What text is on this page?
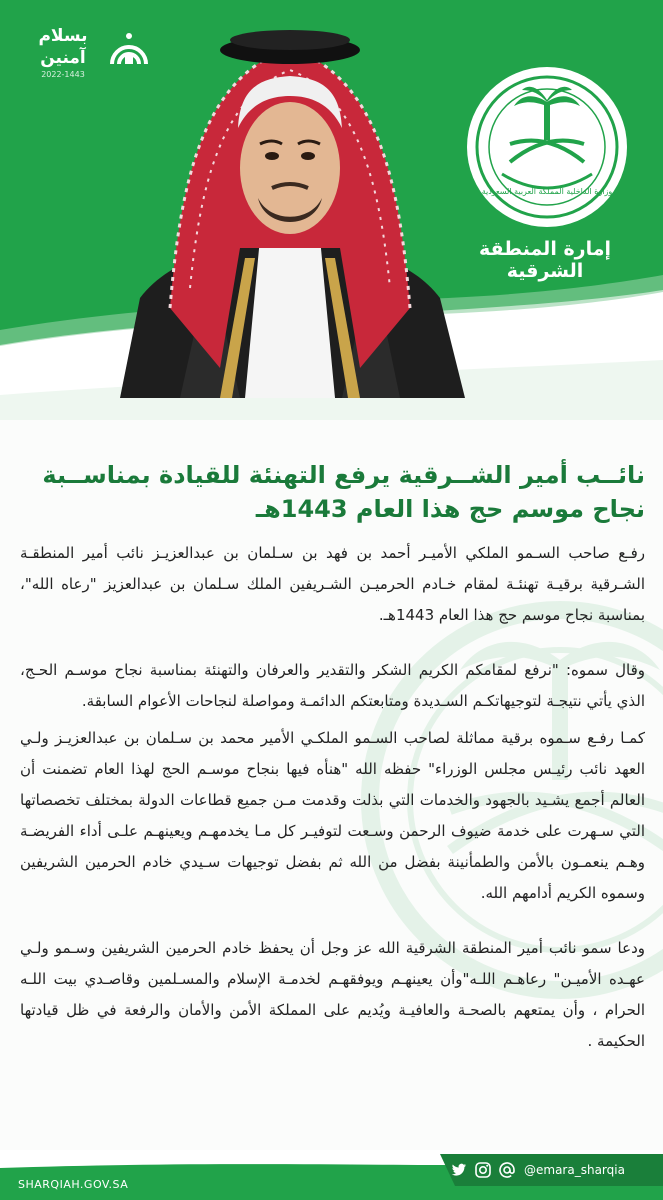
بسلام
آمنين
2022-1443
وزارة الداخلية المملكة العربية السعودية
إمارة المنطقة الشرقية
نائــب أمير الشــرقية يرفع التهنئة للقيادة بمناســبة نجاح موسم حج هذا العام 1443هـ

رفـع صاحب السـمو الملكي الأميـر أحمد بن فهد بن سـلمان بن عبدالعزيـز نائب أمير المنطقـة الشـرقية برقيـة تهنئـة لمقام خـادم الحرميـن الشـريفين الملك سـلمان بن عبدالعزيز "رعاه الله"، بمناسبة نجاح موسم حج هذا العام 1443هـ.

وقال سموه: "نرفع لمقامكم الكريم الشكر والتقدير والعرفان والتهنئة بمناسبة نجاح موسـم الحـج، الذي يأتي نتيجـة لتوجيهاتكـم السـديدة ومتابعتكم الدائمـة ومواصلة لنجاحات الأعوام السابقة.

كمـا رفـع سـموه برقية مماثلة لصاحب السـمو الملكـي الأمير محمد بن سـلمان بن عبدالعزيـز ولـي العهد نائب رئيـس مجلس الوزراء" حفظه الله "هنأه فيها بنجاح موسـم الحج لهذا العام تضمنت أن العالم أجمع يشـيد بالجهود والخدمات التي بذلت وقدمت مـن جميع قطاعات الدولة بمختلف تخصصاتها التي سـهرت على خدمة ضيوف الرحمن وسـعت لتوفيـر كل مـا يخدمهـم ويعينهـم علـى أداء الفريضـة وهـم ينعمـون بالأمن والطمأنينة بفضل من الله ثم بفضل توجيهات سـيدي خادم الحرمين الشريفين وسموه الكريم أدامهم الله.

ودعا سمو نائب أمير المنطقة الشرقية الله عز وجل أن يحفظ خادم الحرمين الشريفين وسـمو ولـي عهـده الأميـن" رعاهـم اللـه"وأن يعينهـم ويوفقهـم لخدمـة الإسلام والمسـلمين وقاصـدي بيت اللـه الحرام ، وأن يمتعهم بالصحـة والعافيـة ويُديم على المملكة الأمن والأمان والرفعة في ظل قيادتها الحكيمة .

SHARQIAH.GOV.SA
@emara_sharqia
